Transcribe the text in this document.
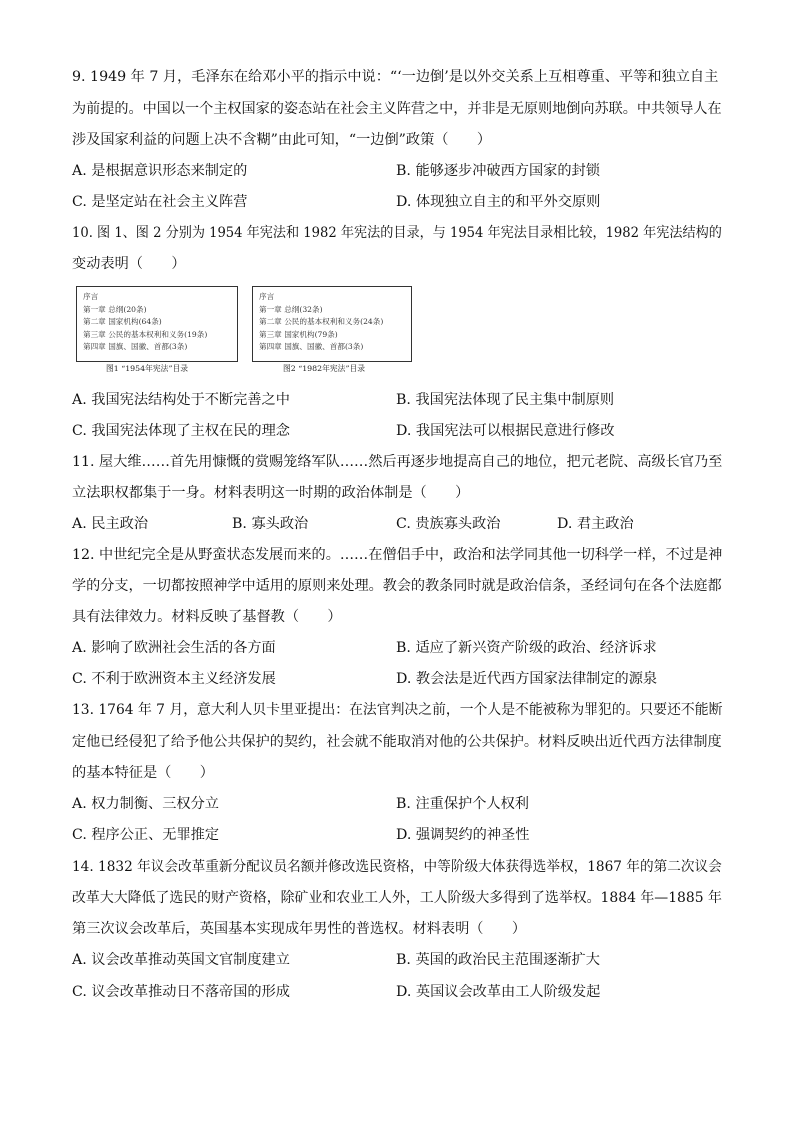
9. 1949 年 7 月，毛泽东在给邓小平的指示中说：“‘一边倒’是以外交关系上互相尊重、平等和独立自主
为前提的。中国以一个主权国家的姿态站在社会主义阵营之中，并非是无原则地倒向苏联。中共领导人在
涉及国家利益的问题上决不含糊”由此可知，“一边倒”政策（　　）
A. 是根据意识形态来制定的	B. 能够逐步冲破西方国家的封锁
C. 是坚定站在社会主义阵营	D. 体现独立自主的和平外交原则
10. 图 1、图 2 分别为 1954 年宪法和 1982 年宪法的目录，与 1954 年宪法目录相比较，1982 年宪法结构的
变动表明（　　）
序言
第一章 总纲(20条)
第二章 国家机构(64条)
第三章 公民的基本权利和义务(19条)
第四章 国旗、国徽、首都(3条)
图1 “1954年宪法”目录
序言
第一章 总纲(32条)
第二章 公民的基本权利和义务(24条)
第三章 国家机构(79条)
第四章 国旗、国徽、首都(3条)
图2 “1982年宪法”目录
A. 我国宪法结构处于不断完善之中	B. 我国宪法体现了民主集中制原则
C. 我国宪法体现了主权在民的理念	D. 我国宪法可以根据民意进行修改
11. 屋大维……首先用慷慨的赏赐笼络军队……然后再逐步地提高自己的地位，把元老院、高级长官乃至
立法职权都集于一身。材料表明这一时期的政治体制是（　　）
A. 民主政治	B. 寡头政治	C. 贵族寡头政治	D. 君主政治
12. 中世纪完全是从野蛮状态发展而来的。……在僧侣手中，政治和法学同其他一切科学一样，不过是神
学的分支，一切都按照神学中适用的原则来处理。教会的教条同时就是政治信条，圣经词句在各个法庭都
具有法律效力。材料反映了基督教（　　）
A. 影响了欧洲社会生活的各方面	B. 适应了新兴资产阶级的政治、经济诉求
C. 不利于欧洲资本主义经济发展	D. 教会法是近代西方国家法律制定的源泉
13. 1764 年 7 月，意大利人贝卡里亚提出：在法官判决之前，一个人是不能被称为罪犯的。只要还不能断
定他已经侵犯了给予他公共保护的契约，社会就不能取消对他的公共保护。材料反映出近代西方法律制度
的基本特征是（　　）
A. 权力制衡、三权分立	B. 注重保护个人权利
C. 程序公正、无罪推定	D. 强调契约的神圣性
14. 1832 年议会改革重新分配议员名额并修改选民资格，中等阶级大体获得选举权，1867 年的第二次议会
改革大大降低了选民的财产资格，除矿业和农业工人外，工人阶级大多得到了选举权。1884 年—1885 年
第三次议会改革后，英国基本实现成年男性的普选权。材料表明（　　）
A. 议会改革推动英国文官制度建立	B. 英国的政治民主范围逐渐扩大
C. 议会改革推动日不落帝国的形成	D. 英国议会改革由工人阶级发起
